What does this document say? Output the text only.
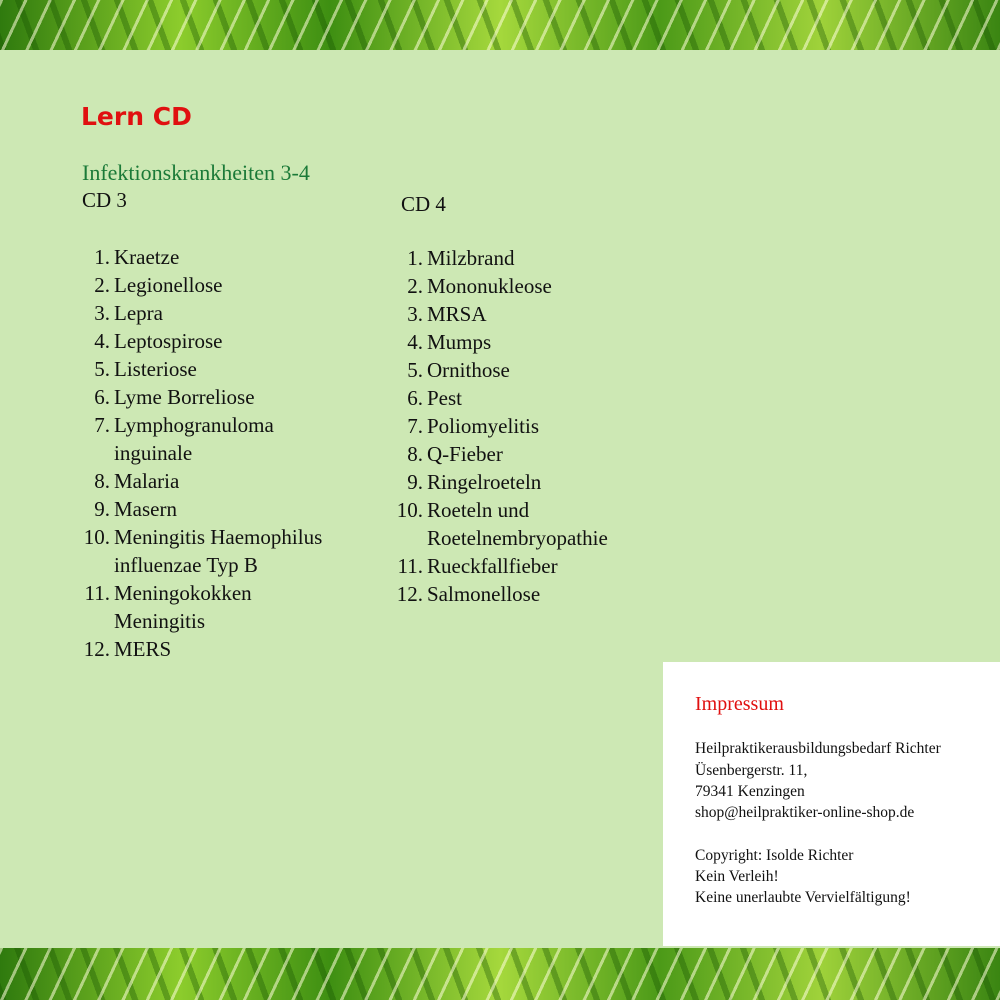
Lern CD
Infektionskrankheiten 3-4
CD 3	CD 4
1. Kraetze
2. Legionellose
3. Lepra
4. Leptospirose
5. Listeriose
6. Lyme Borreliose
7. Lymphogranuloma
inguinale
8. Malaria
9. Masern
10. Meningitis Haemophilus
influenzae Typ B
11. Meningokokken
Meningitis
12. MERS
1. Milzbrand
2. Mononukleose
3. MRSA
4. Mumps
5. Ornithose
6. Pest
7. Poliomyelitis
8. Q-Fieber
9. Ringelroeteln
10. Roeteln und
Roetelnembryopathie
11. Rueckfallfieber
12. Salmonellose
Impressum
Heilpraktikerausbildungsbedarf Richter
Üsenbergerstr. 11,
79341 Kenzingen
shop@heilpraktiker-online-shop.de
Copyright: Isolde Richter
Kein Verleih!
Keine unerlaubte Vervielfältigung!
